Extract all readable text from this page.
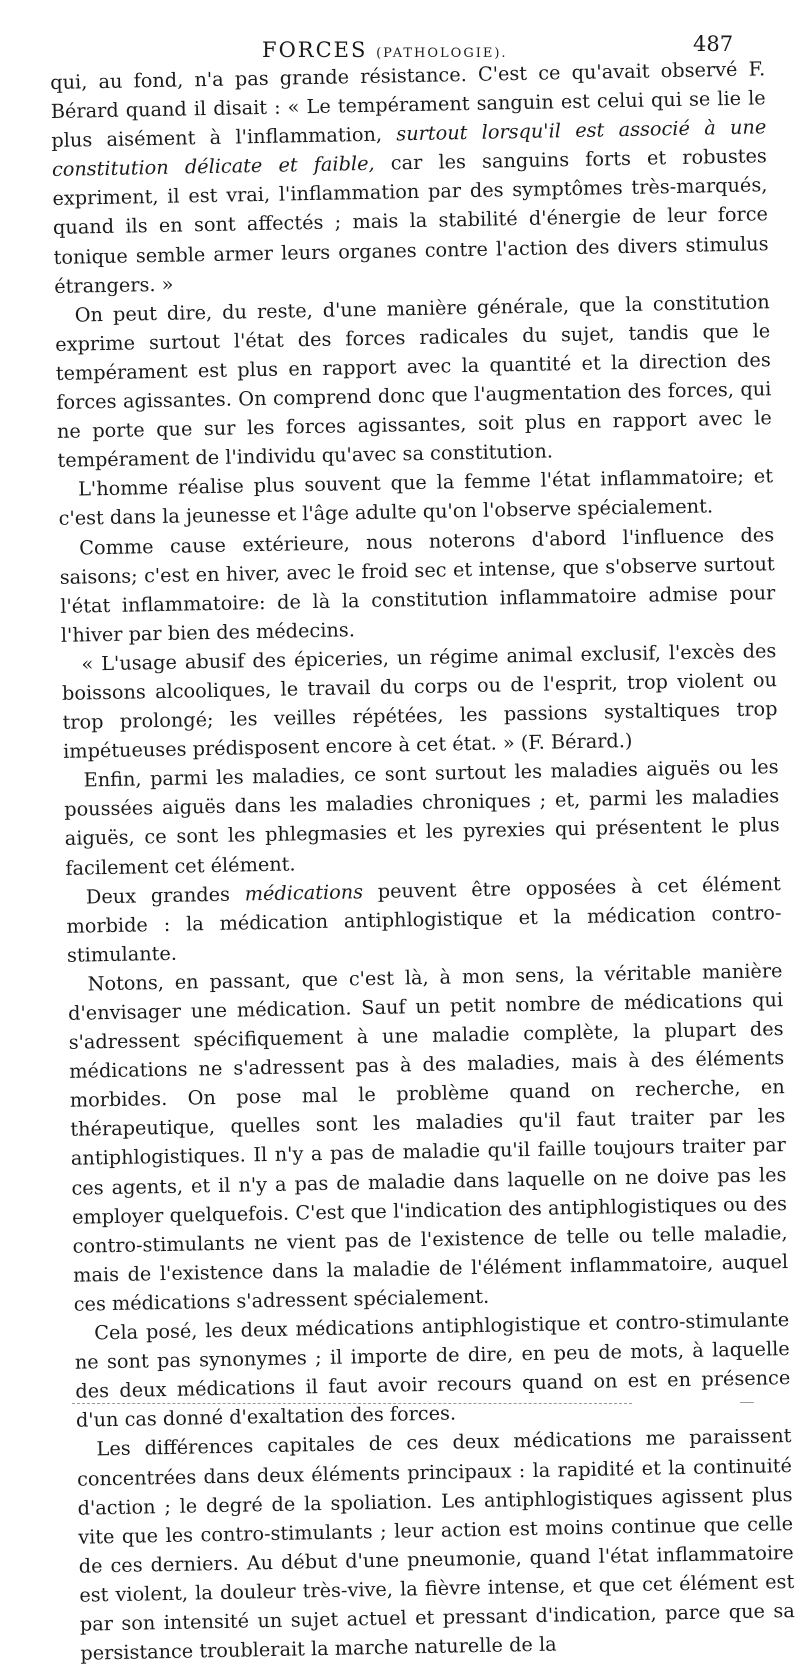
FORCES (PATHOLOGIE).	487

qui, au fond, n'a pas grande résistance. C'est ce qu'avait observé F. Bérard quand il disait : « Le tempérament sanguin est celui qui se lie le plus aisément à l'inflammation, surtout lorsqu'il est associé à une constitution délicate et faible, car les sanguins forts et robustes expriment, il est vrai, l'inflammation par des symptômes très-marqués, quand ils en sont affectés ; mais la stabilité d'énergie de leur force tonique semble armer leurs organes contre l'action des divers stimulus étrangers. »

On peut dire, du reste, d'une manière générale, que la constitution exprime surtout l'état des forces radicales du sujet, tandis que le tempérament est plus en rapport avec la quantité et la direction des forces agissantes. On comprend donc que l'augmentation des forces, qui ne porte que sur les forces agissantes, soit plus en rapport avec le tempérament de l'individu qu'avec sa constitution.

L'homme réalise plus souvent que la femme l'état inflammatoire; et c'est dans la jeunesse et l'âge adulte qu'on l'observe spécialement.

Comme cause extérieure, nous noterons d'abord l'influence des saisons; c'est en hiver, avec le froid sec et intense, que s'observe surtout l'état inflammatoire: de là la constitution inflammatoire admise pour l'hiver par bien des médecins.

« L'usage abusif des épiceries, un régime animal exclusif, l'excès des boissons alcooliques, le travail du corps ou de l'esprit, trop violent ou trop prolongé; les veilles répétées, les passions systaltiques trop impétueuses prédisposent encore à cet état. » (F. Bérard.)

Enfin, parmi les maladies, ce sont surtout les maladies aiguës ou les poussées aiguës dans les maladies chroniques ; et, parmi les maladies aiguës, ce sont les phlegmasies et les pyrexies qui présentent le plus facilement cet élément.

Deux grandes médications peuvent être opposées à cet élément morbide : la médication antiphlogistique et la médication contro-stimulante.

Notons, en passant, que c'est là, à mon sens, la véritable manière d'envisager une médication. Sauf un petit nombre de médications qui s'adressent spécifiquement à une maladie complète, la plupart des médications ne s'adressent pas à des maladies, mais à des éléments morbides. On pose mal le problème quand on recherche, en thérapeutique, quelles sont les maladies qu'il faut traiter par les antiphlogistiques. Il n'y a pas de maladie qu'il faille toujours traiter par ces agents, et il n'y a pas de maladie dans laquelle on ne doive pas les employer quelquefois. C'est que l'indication des antiphlogistiques ou des contro-stimulants ne vient pas de l'existence de telle ou telle maladie, mais de l'existence dans la maladie de l'élément inflammatoire, auquel ces médications s'adressent spécialement.

Cela posé, les deux médications antiphlogistique et contro-stimulante ne sont pas synonymes ; il importe de dire, en peu de mots, à laquelle des deux médications il faut avoir recours quand on est en présence d'un cas donné d'exaltation des forces.

Les différences capitales de ces deux médications me paraissent concentrées dans deux éléments principaux : la rapidité et la continuité d'action ; le degré de la spoliation. Les antiphlogistiques agissent plus vite que les contro-stimulants ; leur action est moins continue que celle de ces derniers. Au début d'une pneumonie, quand l'état inflammatoire est violent, la douleur très-vive, la fièvre intense, et que cet élément est par son intensité un sujet actuel et pressant d'indication, parce que sa persistance troublerait la marche naturelle de la
